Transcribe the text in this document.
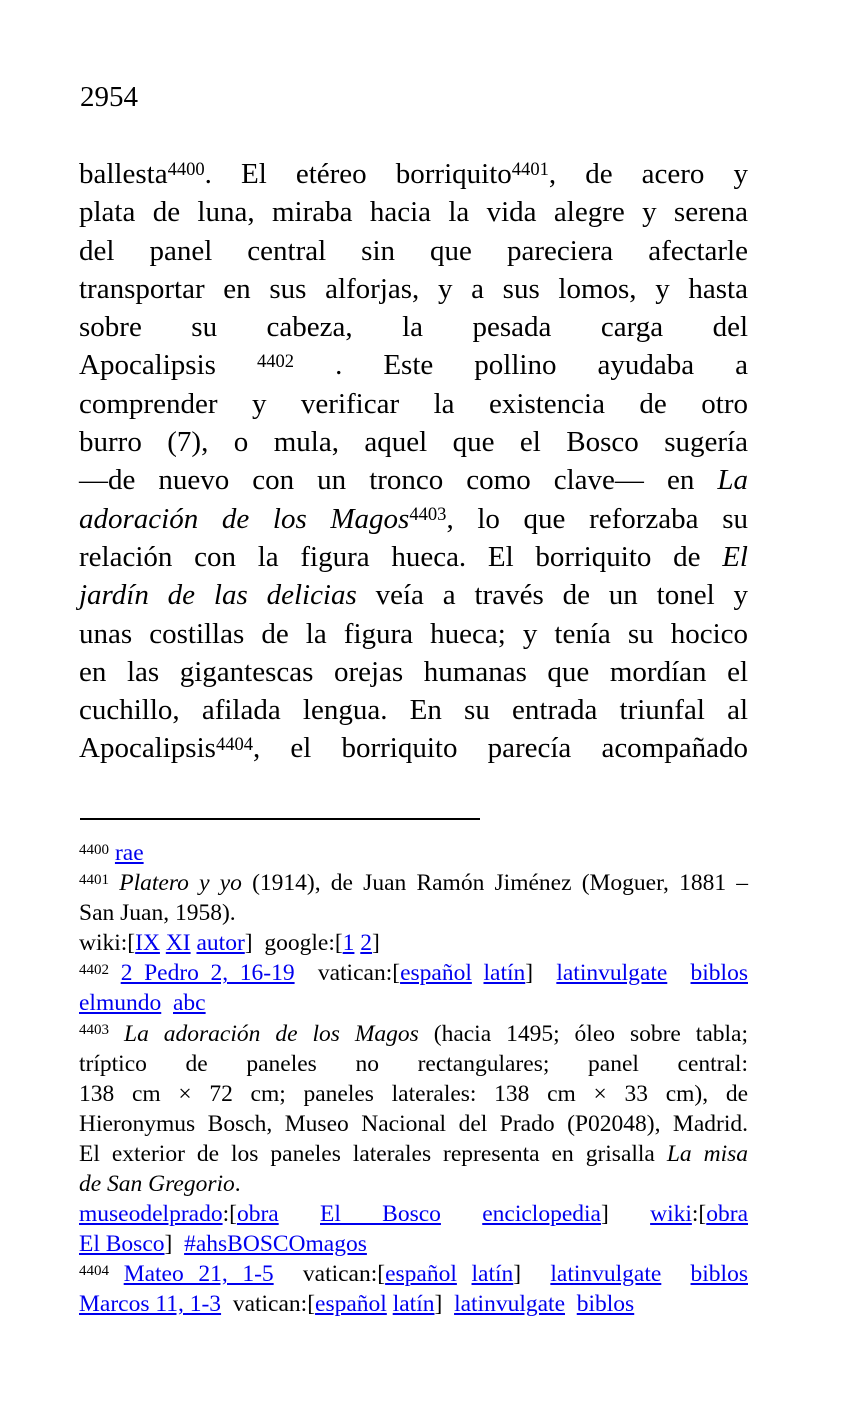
2954
ballesta$^{4400}$. El etéreo borriquito$^{4401}$, de acero y
plata de luna, miraba hacia la vida alegre y serena
del panel central sin que pareciera afectarle
transportar en sus alforjas, y a sus lomos, y hasta
sobre su cabeza, la pesada carga del
Apocalipsis $^{4402}$ . Este pollino ayudaba a
comprender y verificar la existencia de otro
burro (7), o mula, aquel que el Bosco sugería
—de nuevo con un tronco como clave— en La
adoración de los Magos$^{4403}$, lo que reforzaba su
relación con la figura hueca. El borriquito de El
jardín de las delicias veía a través de un tonel y
unas costillas de la figura hueca; y tenía su hocico
en las gigantescas orejas humanas que mordían el
cuchillo, afilada lengua. En su entrada triunfal al
Apocalipsis$^{4404}$, el borriquito parecía acompañado
$^{4400}$ rae
$^{4401}$ Platero y yo (1914), de Juan Ramón Jiménez (Moguer, 1881 –
San Juan, 1958).
wiki:[IX XI autor]  google:[1 2]
$^{4402}$ 2 Pedro 2, 16-19  vatican:[español latín]  latinvulgate biblos
elmundo abc
$^{4403}$ La adoración de los Magos (hacia 1495; óleo sobre tabla;
tríptico de paneles no rectangulares; panel central:
138 cm × 72 cm; paneles laterales: 138 cm × 33 cm), de
Hieronymus Bosch, Museo Nacional del Prado (P02048), Madrid.
El exterior de los paneles laterales representa en grisalla La misa
de San Gregorio.
museodelprado:[obra El Bosco enciclopedia] wiki:[obra
El Bosco]  #ahsBOSCOmagos
$^{4404}$ Mateo 21, 1-5  vatican:[español latín]  latinvulgate biblos
Marcos 11, 1-3  vatican:[español latín]  latinvulgate biblos
